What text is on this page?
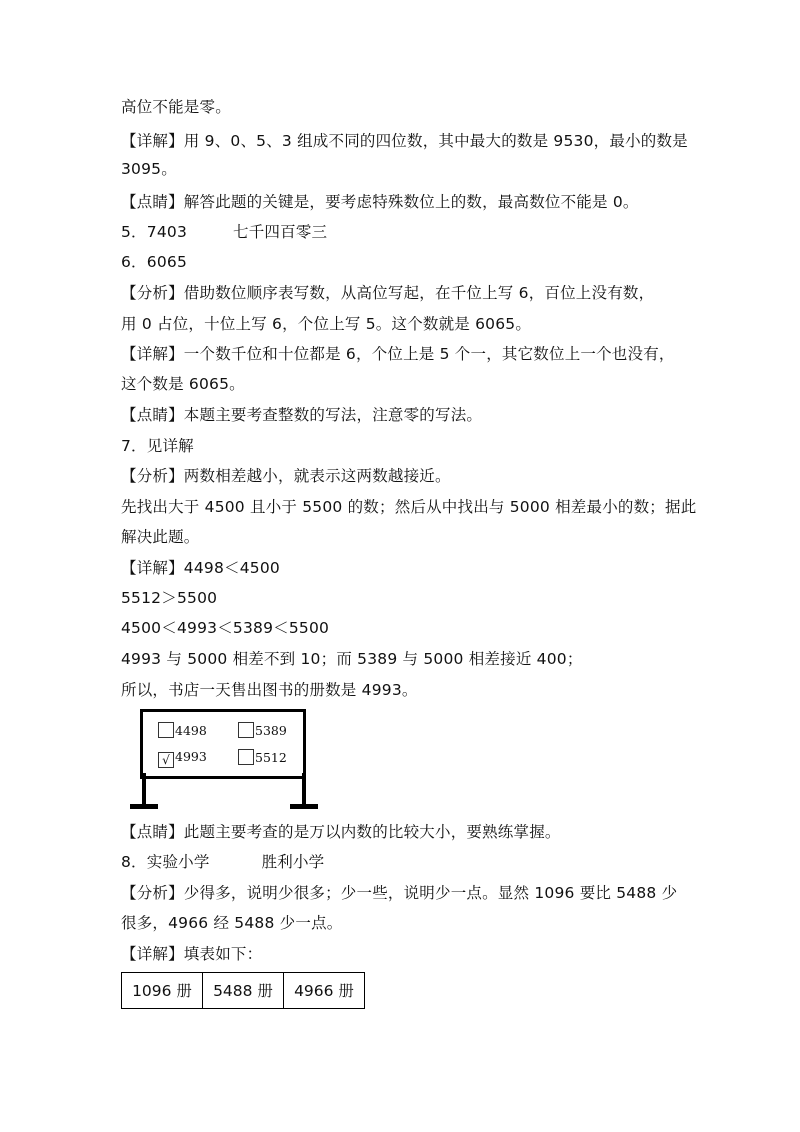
高位不能是零。
【详解】用 9、0、5、3 组成不同的四位数，其中最大的数是 9530，最小的数是
3095。
【点睛】解答此题的关键是，要考虑特殊数位上的数，最高数位不能是 0。
5．7403	七千四百零三
6．6065
【分析】借助数位顺序表写数，从高位写起，在千位上写 6，百位上没有数，
用 0 占位，十位上写 6，个位上写 5。这个数就是 6065。
【详解】一个数千位和十位都是 6，个位上是 5 个一，其它数位上一个也没有，
这个数是 6065。
【点睛】本题主要考查整数的写法，注意零的写法。
7．见详解
【分析】两数相差越小，就表示这两数越接近。
先找出大于 4500 且小于 5500 的数；然后从中找出与 5000 相差最小的数；据此
解决此题。
【详解】4498＜4500
5512＞5500
4500＜4993＜5389＜5500
4993 与 5000 相差不到 10；而 5389 与 5000 相差接近 400；
所以，书店一天售出图书的册数是 4993。
4498	5389
√ 4993	5512
【点睛】此题主要考查的是万以内数的比较大小，要熟练掌握。
8．实验小学	胜利小学
【分析】少得多，说明少很多；少一些，说明少一点。显然 1096 要比 5488 少
很多，4966 经 5488 少一点。
【详解】填表如下：
1096 册	5488 册	4966 册
